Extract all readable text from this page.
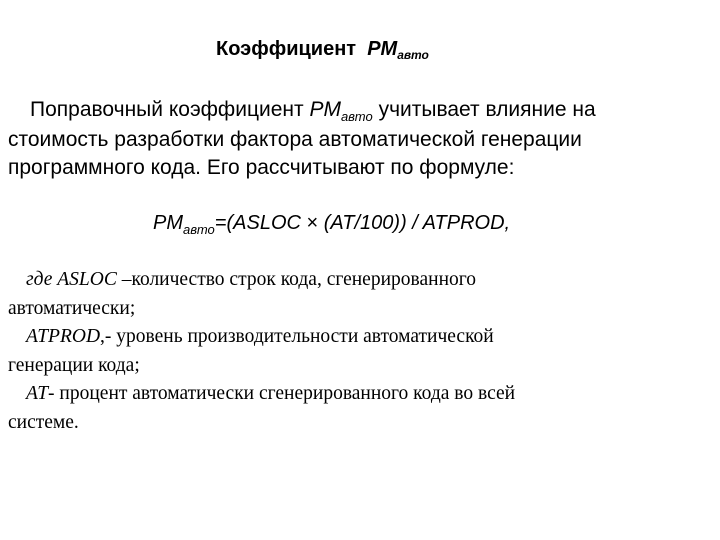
Коэффициент $PM_{авто}$
Поправочный коэффициент $PM_{авто}$ учитывает влияние на
стоимость разработки фактора автоматической генерации
программного кода. Его рассчитывают по формуле:
$PM_{авто}=(ASLOC \times (AT/100))$ / ATPROD,
где ASLOC –количество строк кода, сгенерированного
автоматически;
ATPROD,- уровень производительности автоматической
генерации кода;
AT- процент автоматически сгенерированного кода во всей
системе.
